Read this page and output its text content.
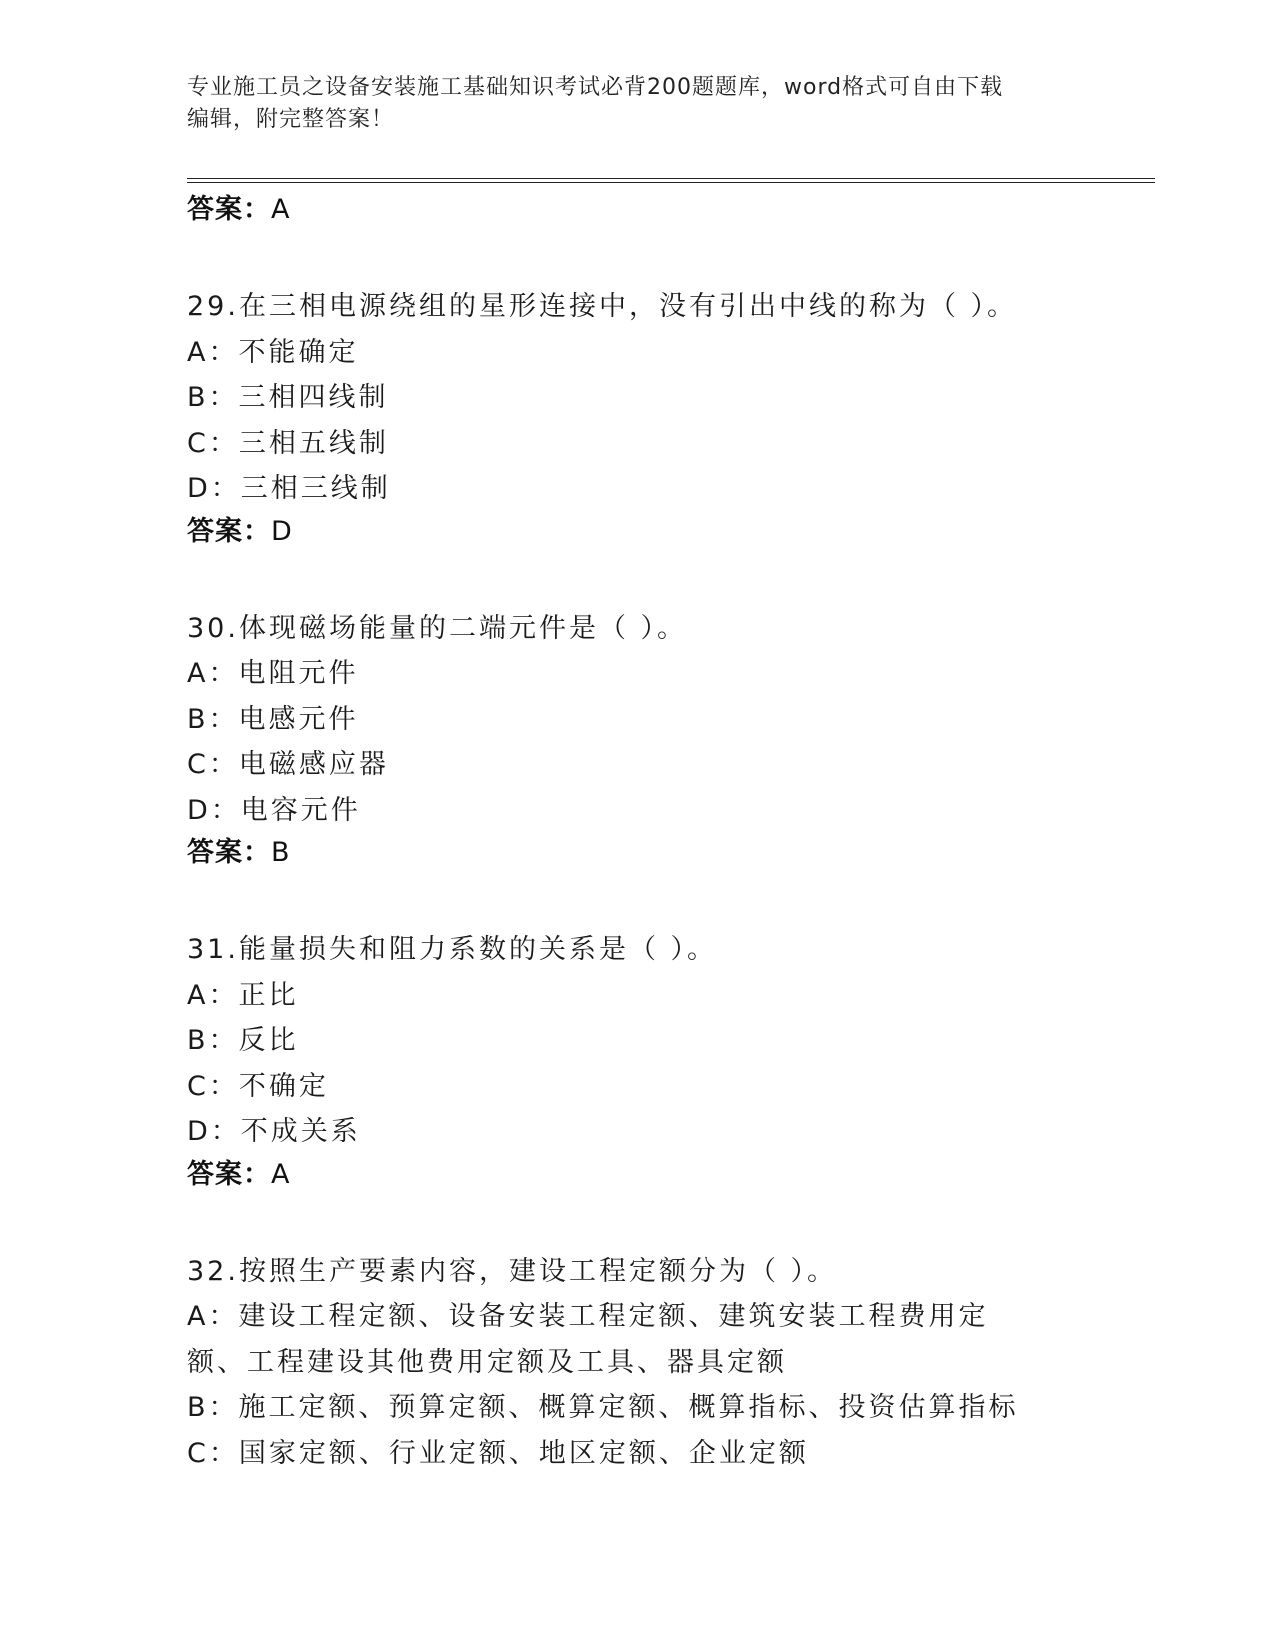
专业施工员之设备安装施工基础知识考试必背200题题库，word格式可自由下载
编辑，附完整答案！

答案：A

29.在三相电源绕组的星形连接中，没有引出中线的称为（ ）。

A：不能确定

B：三相四线制

C：三相五线制

D：三相三线制

答案：D

30.体现磁场能量的二端元件是（ ）。

A：电阻元件

B：电感元件

C：电磁感应器

D：电容元件

答案：B

31.能量损失和阻力系数的关系是（ ）。

A：正比

B：反比

C：不确定

D：不成关系

答案：A

32.按照生产要素内容，建设工程定额分为（ ）。

A：建设工程定额、设备安装工程定额、建筑安装工程费用定额、工程建设其他费用定额及工具、器具定额

B：施工定额、预算定额、概算定额、概算指标、投资估算指标

C：国家定额、行业定额、地区定额、企业定额
